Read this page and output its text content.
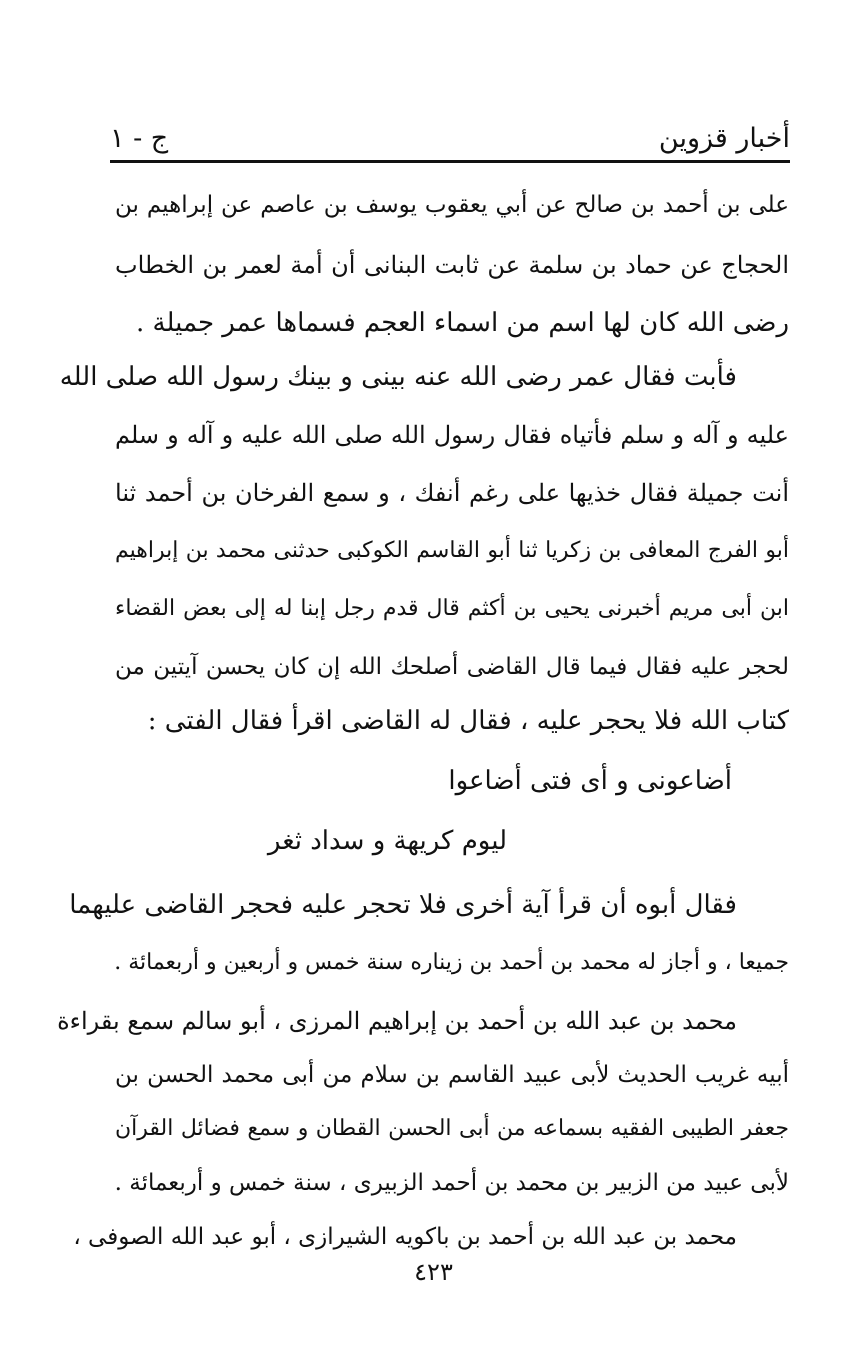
أخبار قزوين
ج - ١
على بن أحمد بن صالح عن أبي يعقوب يوسف بن عاصم عن إبراهيم بن
الحجاج عن حماد بن سلمة عن ثابت البنانى أن أمة لعمر بن الخطاب
رضى الله كان لها اسم من اسماء العجم فسماها عمر جميلة .
فأبت فقال عمر رضى الله عنه بينى و بينك رسول الله صلى الله
عليه و آله و سلم فأتياه فقال رسول الله صلى الله عليه و آله و سلم
أنت جميلة فقال خذيها على رغم أنفك ، و سمع الفرخان بن أحمد ثنا
أبو الفرج المعافى بن زكريا ثنا أبو القاسم الكوكبى حدثنى محمد بن إبراهيم
ابن أبى مريم أخبرنى يحيى بن أكثم قال قدم رجل إبنا له إلى بعض القضاء
لحجر عليه فقال فيما قال القاضى أصلحك الله إن كان يحسن آيتين من
كتاب الله فلا يحجر عليه ، فقال له القاضى اقرأ فقال الفتى :
أضاعونى و أى فتى أضاعوا
ليوم كريهة و سداد ثغر
فقال أبوه أن قرأ آية أخرى فلا تحجر عليه فحجر القاضى عليهما
جميعا ، و أجاز له محمد بن أحمد بن زيناره سنة خمس و أربعين و أربعمائة .
محمد بن عبد الله بن أحمد بن إبراهيم المرزى ، أبو سالم سمع بقراءة
أبيه غريب الحديث لأبى عبيد القاسم بن سلام من أبى محمد الحسن بن
جعفر الطيبى الفقيه بسماعه من أبى الحسن القطان و سمع فضائل القرآن
لأبى عبيد من الزبير بن محمد بن أحمد الزبيرى ، سنة خمس و أربعمائة .
محمد بن عبد الله بن أحمد بن باكويه الشيرازى ، أبو عبد الله الصوفى ،
٤٢٣
